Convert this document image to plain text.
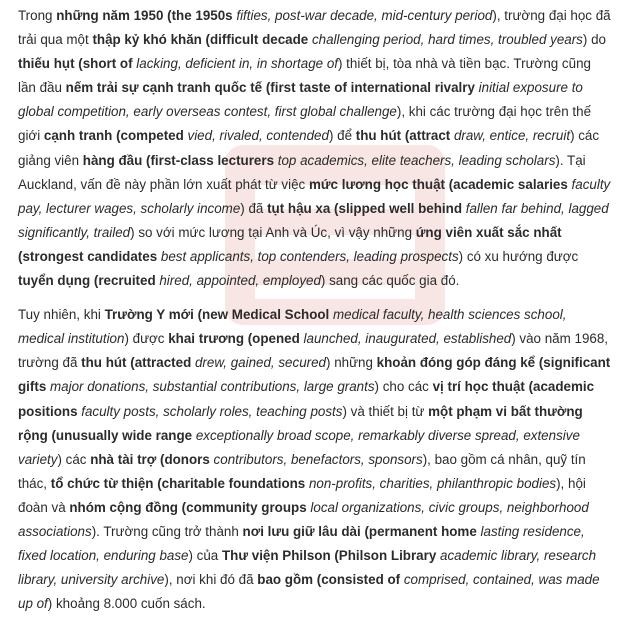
Trong những năm 1950 (the 1950s fifties, post-war decade, mid-century period), trường đại học đã trải qua một thập kỷ khó khăn (difficult decade challenging period, hard times, troubled years) do thiếu hụt (short of lacking, deficient in, in shortage of) thiết bị, tòa nhà và tiền bạc. Trường cũng lần đầu nếm trải sự cạnh tranh quốc tế (first taste of international rivalry initial exposure to global competition, early overseas contest, first global challenge), khi các trường đại học trên thế giới cạnh tranh (competed vied, rivaled, contended) để thu hút (attract draw, entice, recruit) các giảng viên hàng đầu (first-class lecturers top academics, elite teachers, leading scholars). Tại Auckland, vấn đề này phần lớn xuất phát từ việc mức lương học thuật (academic salaries faculty pay, lecturer wages, scholarly income) đã tụt hậu xa (slipped well behind fallen far behind, lagged significantly, trailed) so với mức lương tại Anh và Úc, vì vậy những ứng viên xuất sắc nhất (strongest candidates best applicants, top contenders, leading prospects) có xu hướng được tuyển dụng (recruited hired, appointed, employed) sang các quốc gia đó.

Tuy nhiên, khi Trường Y mới (new Medical School medical faculty, health sciences school, medical institution) được khai trương (opened launched, inaugurated, established) vào năm 1968, trường đã thu hút (attracted drew, gained, secured) những khoản đóng góp đáng kể (significant gifts major donations, substantial contributions, large grants) cho các vị trí học thuật (academic positions faculty posts, scholarly roles, teaching posts) và thiết bị từ một phạm vi bất thường rộng (unusually wide range exceptionally broad scope, remarkably diverse spread, extensive variety) các nhà tài trợ (donors contributors, benefactors, sponsors), bao gồm cá nhân, quỹ tín thác, tổ chức từ thiện (charitable foundations non-profits, charities, philanthropic bodies), hội đoàn và nhóm cộng đồng (community groups local organizations, civic groups, neighborhood associations). Trường cũng trở thành nơi lưu giữ lâu dài (permanent home lasting residence, fixed location, enduring base) của Thư viện Philson (Philson Library academic library, research library, university archive), nơi khi đó đã bao gồm (consisted of comprised, contained, was made up of) khoảng 8.000 cuốn sách.
